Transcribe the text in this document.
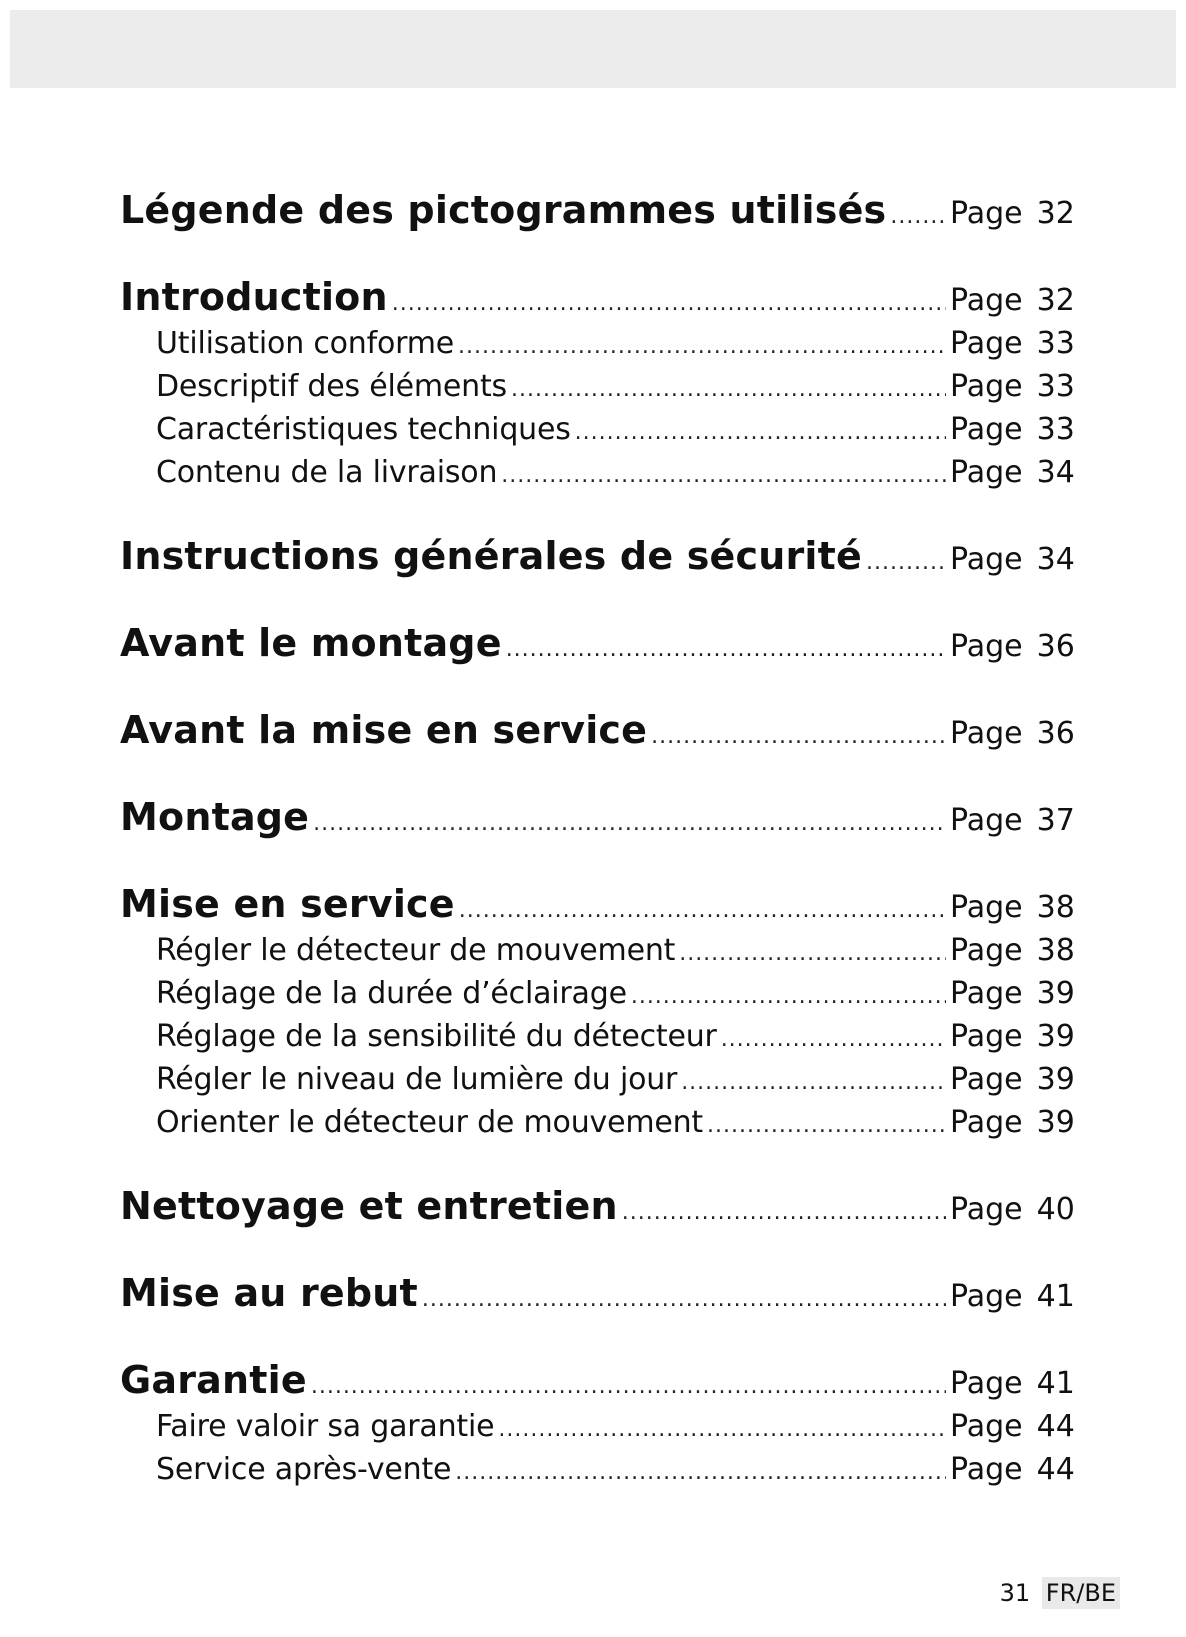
Légende des pictogrammes utilisés ..... Page 32
Introduction .....	Page 32
Utilisation conforme .....	Page 33
Descriptif des éléments .....	Page 33
Caractéristiques techniques .....	Page 33
Contenu de la livraison .....	Page 34
Instructions générales de sécurité .....	Page 34
Avant le montage .....	Page 36
Avant la mise en service .....	Page 36
Montage .....	Page 37
Mise en service .....	Page 38
Régler le détecteur de mouvement .....	Page 38
Réglage de la durée d’éclairage .....	Page 39
Réglage de la sensibilité du détecteur .....	Page 39
Régler le niveau de lumière du jour .....	Page 39
Orienter le détecteur de mouvement .....	Page 39
Nettoyage et entretien .....	Page 40
Mise au rebut .....	Page 41
Garantie .....	Page 41
Faire valoir sa garantie .....	Page 44
Service après-vente .....	Page 44
31 FR/BE
